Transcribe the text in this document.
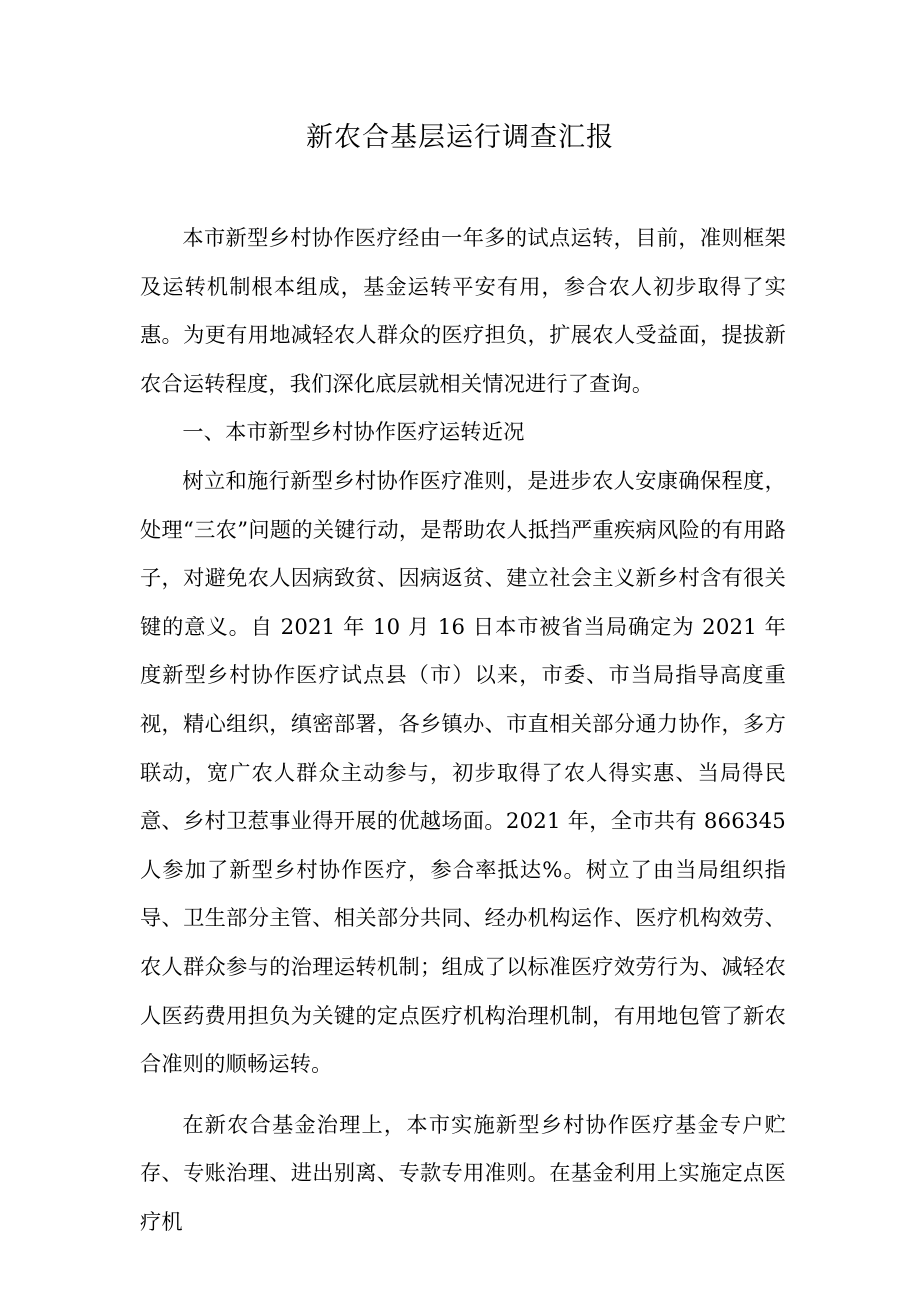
新农合基层运行调查汇报

本市新型乡村协作医疗经由一年多的试点运转，目前，准则框架及运转机制根本组成，基金运转平安有用，参合农人初步取得了实惠。为更有用地减轻农人群众的医疗担负，扩展农人受益面，提拔新农合运转程度，我们深化底层就相关情况进行了查询。

一、本市新型乡村协作医疗运转近况

树立和施行新型乡村协作医疗准则，是进步农人安康确保程度，处理“三农”问题的关键行动，是帮助农人抵挡严重疾病风险的有用路子，对避免农人因病致贫、因病返贫、建立社会主义新乡村含有很关键的意义。自 2021 年 10 月 16 日本市被省当局确定为 2021 年度新型乡村协作医疗试点县（市）以来，市委、市当局指导高度重视，精心组织，缜密部署，各乡镇办、市直相关部分通力协作，多方联动，宽广农人群众主动参与，初步取得了农人得实惠、当局得民意、乡村卫惹事业得开展的优越场面。2021 年，全市共有 866345 人参加了新型乡村协作医疗，参合率抵达%。树立了由当局组织指导、卫生部分主管、相关部分共同、经办机构运作、医疗机构效劳、农人群众参与的治理运转机制；组成了以标准医疗效劳行为、减轻农人医药费用担负为关键的定点医疗机构治理机制，有用地包管了新农合准则的顺畅运转。

在新农合基金治理上，本市实施新型乡村协作医疗基金专户贮存、专账治理、进出别离、专款专用准则。在基金利用上实施定点医疗机
